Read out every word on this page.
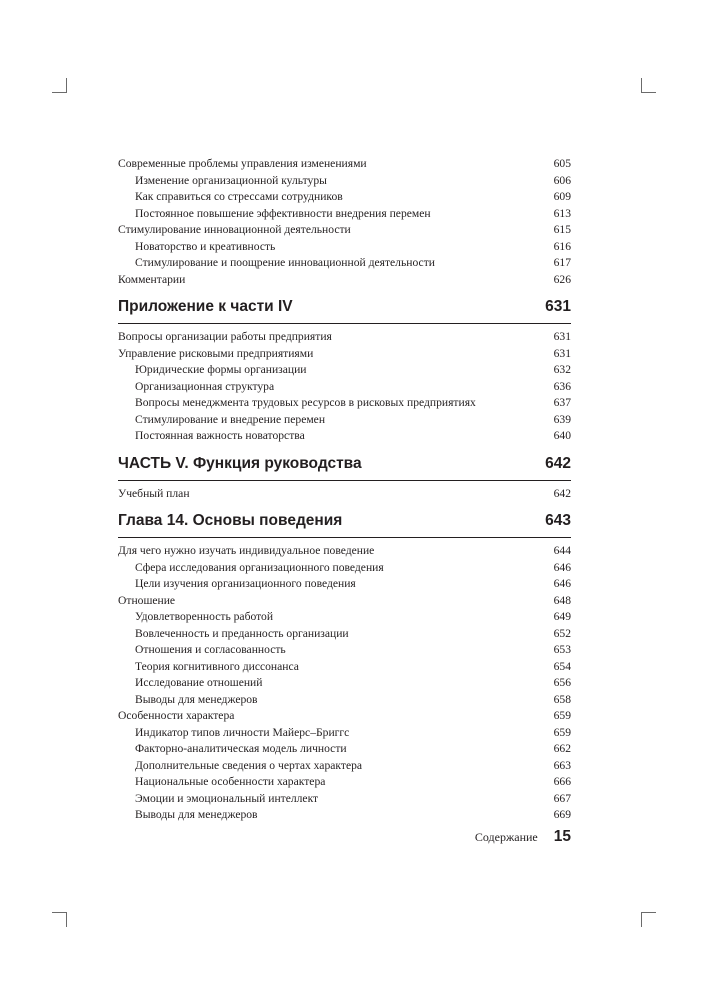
Современные проблемы управления изменениями	605
Изменение организационной культуры	606
Как справиться со стрессами сотрудников	609
Постоянное повышение эффективности внедрения перемен	613
Стимулирование инновационной деятельности	615
Новаторство и креативность	616
Стимулирование и поощрение инновационной деятельности	617
Комментарии	626
Приложение к части IV	631
Вопросы организации работы предприятия	631
Управление рисковыми предприятиями	631
Юридические формы организации	632
Организационная структура	636
Вопросы менеджмента трудовых ресурсов в рисковых предприятиях	637
Стимулирование и внедрение перемен	639
Постоянная важность новаторства	640
ЧАСТЬ V. Функция руководства	642
Учебный план	642
Глава 14. Основы поведения	643
Для чего нужно изучать индивидуальное поведение	644
Сфера исследования организационного поведения	646
Цели изучения организационного поведения	646
Отношение	648
Удовлетворенность работой	649
Вовлеченность и преданность организации	652
Отношения и согласованность	653
Теория когнитивного диссонанса	654
Исследование отношений	656
Выводы для менеджеров	658
Особенности характера	659
Индикатор типов личности Майерс–Бриггс	659
Факторно-аналитическая модель личности	662
Дополнительные сведения о чертах характера	663
Национальные особенности характера	666
Эмоции и эмоциональный интеллект	667
Выводы для менеджеров	669
Содержание 15
